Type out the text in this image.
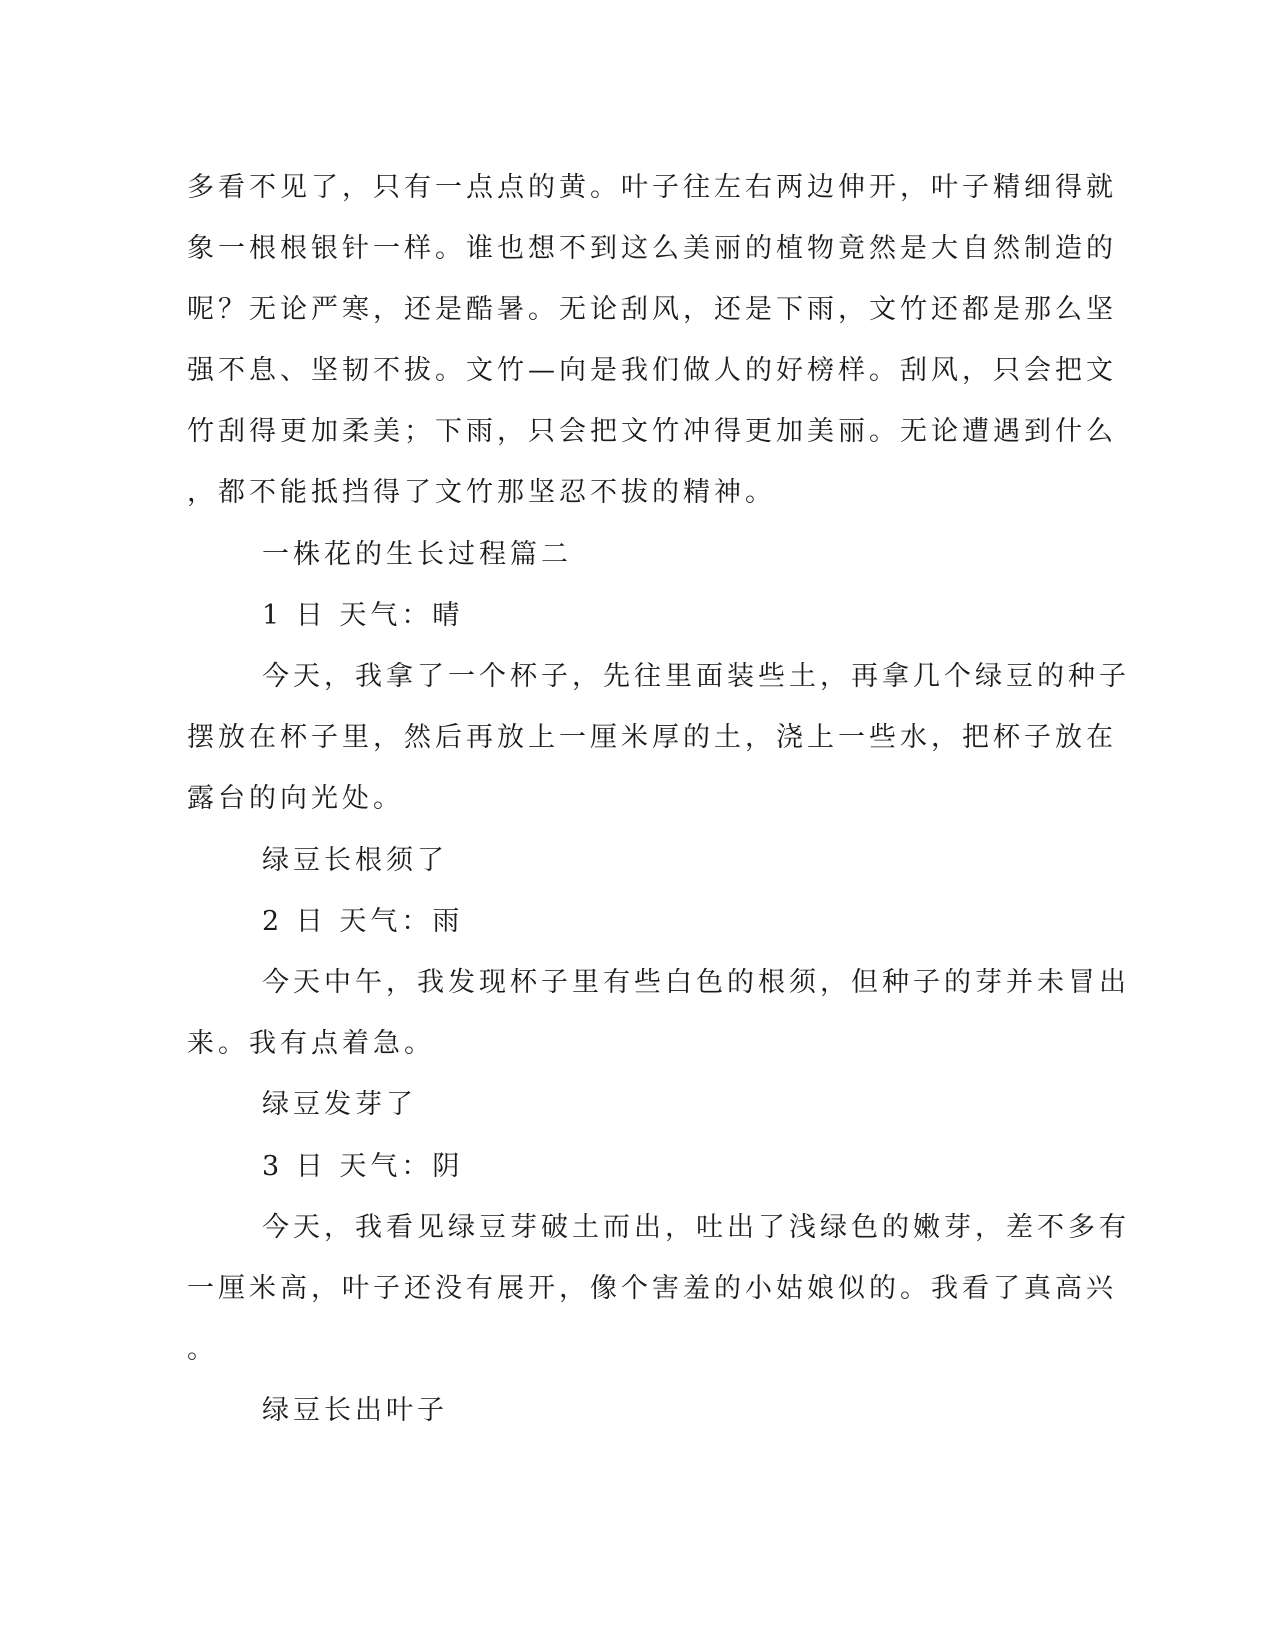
多看不见了，只有一点点的黄。叶子往左右两边伸开，叶子精细得就
象一根根银针一样。谁也想不到这么美丽的植物竟然是大自然制造的
呢？无论严寒，还是酷暑。无论刮风，还是下雨，文竹还都是那么坚
强不息、坚韧不拔。文竹—向是我们做人的好榜样。刮风，只会把文
竹刮得更加柔美；下雨，只会把文竹冲得更加美丽。无论遭遇到什么
，都不能抵挡得了文竹那坚忍不拔的精神。
一株花的生长过程篇二
1 日 天气：晴
今天，我拿了一个杯子，先往里面装些土，再拿几个绿豆的种子
摆放在杯子里，然后再放上一厘米厚的土，浇上一些水，把杯子放在
露台的向光处。
绿豆长根须了
2 日 天气：雨
今天中午，我发现杯子里有些白色的根须，但种子的芽并未冒出
来。我有点着急。
绿豆发芽了
3 日 天气：阴
今天，我看见绿豆芽破土而出，吐出了浅绿色的嫩芽，差不多有
一厘米高，叶子还没有展开，像个害羞的小姑娘似的。我看了真高兴
。
绿豆长出叶子
